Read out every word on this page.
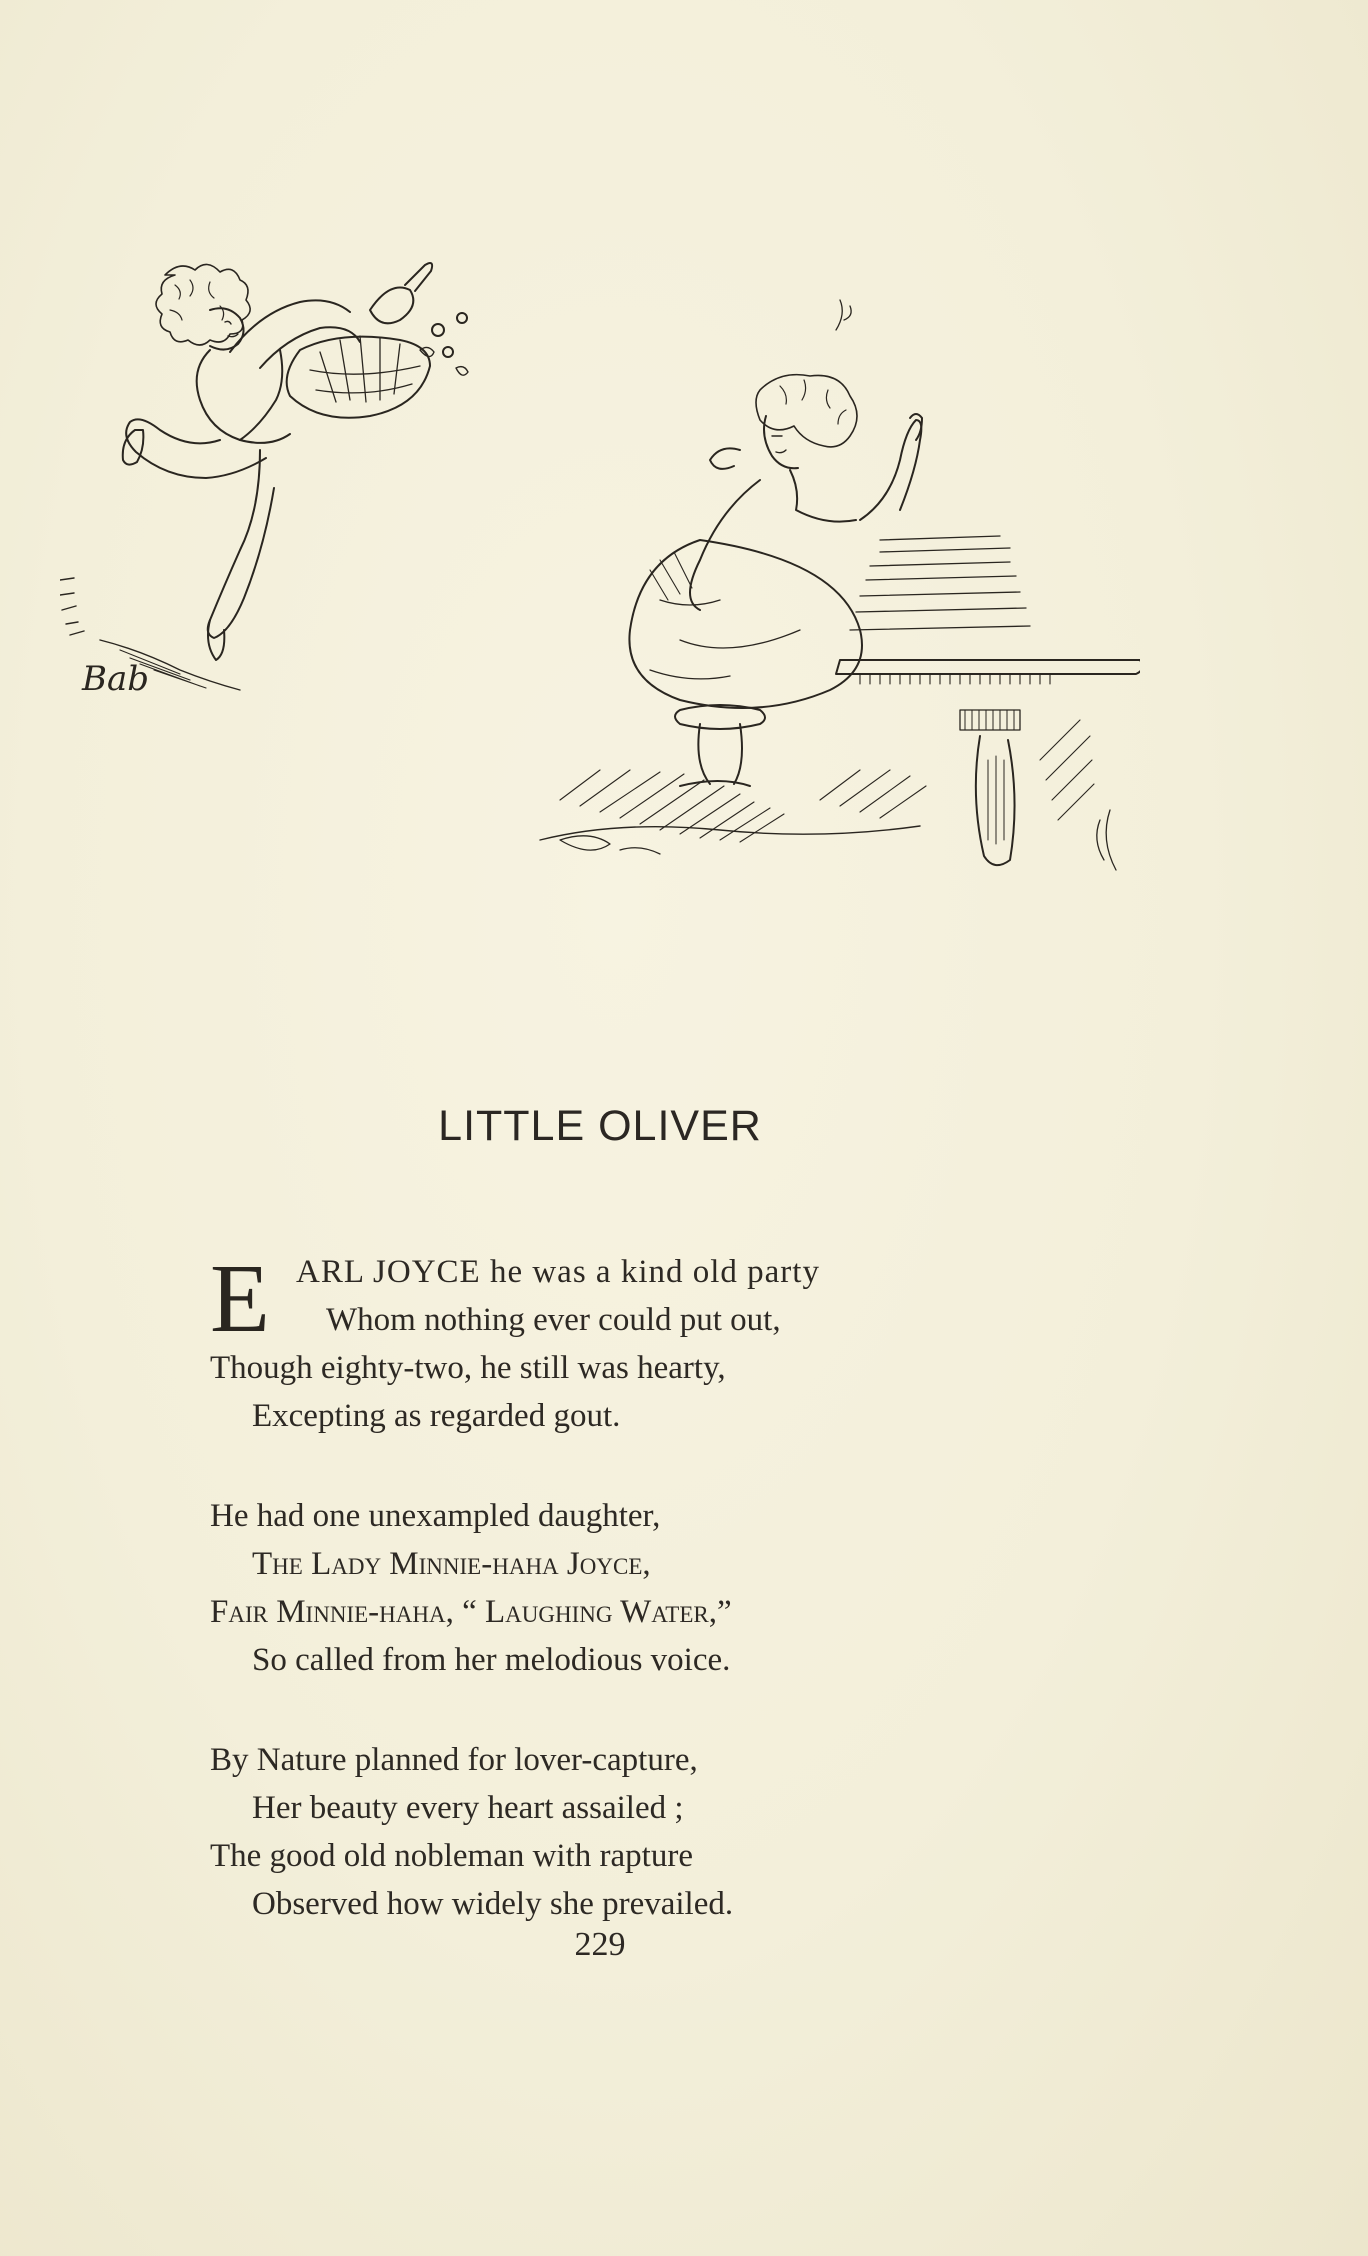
Bab
LITTLE OLIVER
E ARL JOYCE he was a kind old party
Whom nothing ever could put out,
Though eighty-two, he still was hearty,
Excepting as regarded gout.
He had one unexampled daughter,
The Lady Minnie-haha Joyce,
Fair Minnie-haha, “ Laughing Water,”
So called from her melodious voice.
By Nature planned for lover-capture,
Her beauty every heart assailed ;
The good old nobleman with rapture
Observed how widely she prevailed.
229
